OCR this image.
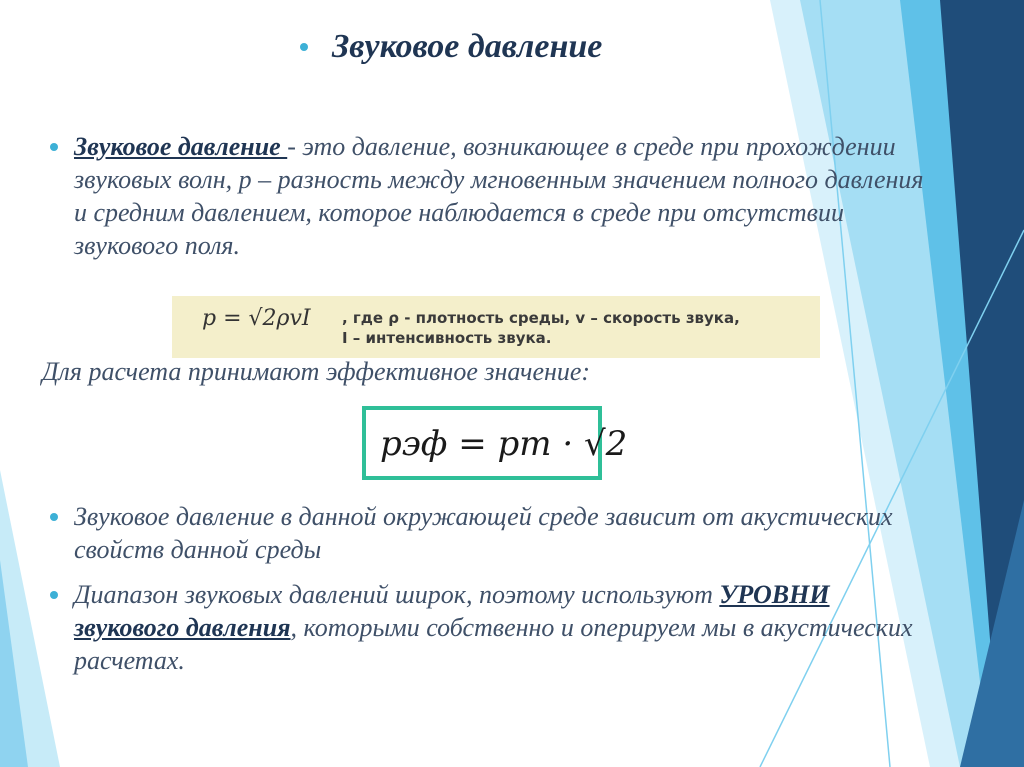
Звуковое давление
Звуковое давление - это давление, возникающее в среде при прохождении звуковых волн, р – разность между мгновенным значением полного давления и средним давлением, которое наблюдается в среде при отсутствии звукового поля.
p = √2ρvI , где ρ - плотность среды, v – скорость звука,
I – интенсивность звука.
Для расчета принимают эффективное значение:
pэф = pm · √2
Звуковое давление в данной окружающей среде зависит от акустических свойств данной среды
Диапазон звуковых давлений широк, поэтому используют УРОВНИ звукового давления, которыми собственно и оперируем мы в акустических расчетах.
